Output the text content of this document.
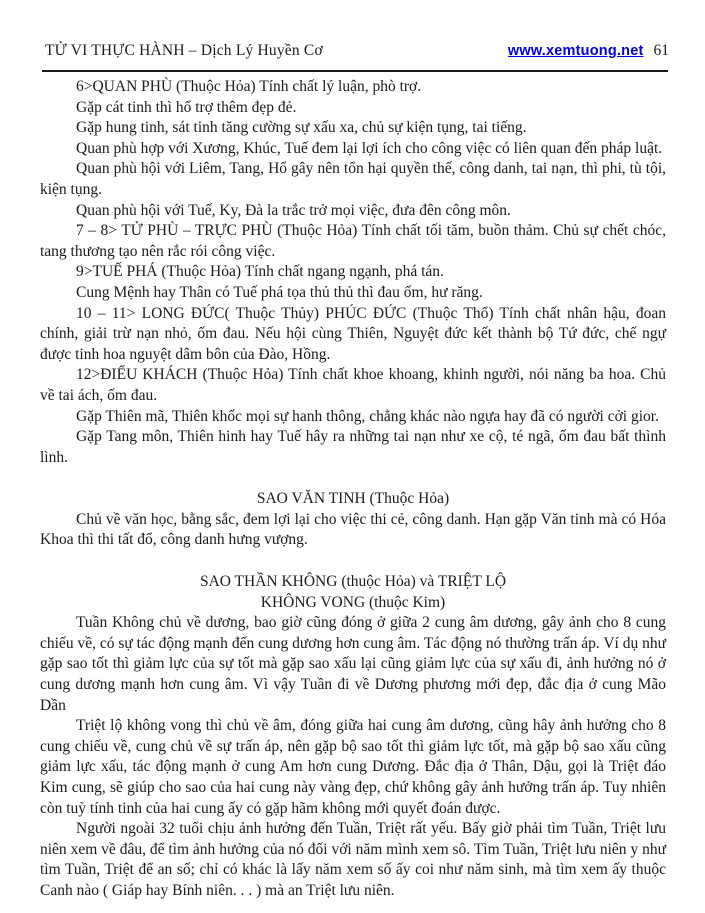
TỬ VI THỰC HÀNH – Dịch Lý Huyền Cơ	www.xemtuong.net 61

6>QUAN PHÙ (Thuộc Hỏa) Tính chất lý luận, phò trợ.

Gặp cát tinh thì hổ trợ thêm đẹp đẻ.

Gặp hung tinh, sát tinh tăng cường sự xấu xa, chủ sự kiện tụng, tai tiếng.

Quan phù hợp với Xương, Khúc, Tuế đem lại lợi ích cho công việc có liên quan đến pháp luật.

Quan phù hội với Liêm, Tang, Hổ gây nên tổn hại quyền thế, công danh, tai nạn, thì phi, tù tội, kiện tụng.

Quan phù hội với Tuế, Ky, Đà la trắc trở mọi việc, đưa đên công môn.

7 – 8> TỬ PHÙ – TRỰC PHÙ (Thuộc Hỏa) Tính chất tối tăm, buồn thảm. Chủ sự chết chóc, tang thương tạo nên rắc rói công việc.

9>TUẾ PHÁ (Thuộc Hỏa) Tính chất ngang ngạnh, phá tán.

Cung Mệnh hay Thân có Tuế phá tọa thủ thủ thì đau ốm, hư răng.

10 – 11> LONG ĐỨC( Thuộc Thủy) PHÚC ĐỨC (Thuộc Thổ) Tính chất nhân hậu, đoan chính, giải trừ nạn nhỏ, ốm đau. Nếu hội cùng Thiên, Nguyệt đức kết thành bộ Tứ đức, chế ngự được tinh hoa nguyệt dâm bôn của Đào, Hồng.

12>ĐIẾU KHÁCH (Thuộc Hỏa) Tính chất khoe khoang, khinh người, nói năng ba hoa. Chủ về tai ách, ốm đau.

Gặp Thiên mã, Thiên khốc mọi sự hanh thông, chẳng khác nào ngựa hay đã có người cởi gior.

Gặp Tang môn, Thiên hinh hay Tuế hây ra những tai nạn như xe cộ, té ngã, ốm đau bất thình lình.

SAO VĂN TINH (Thuộc Hỏa)

Chủ về văn học, bằng sắc, đem lợi lại cho việc thi cẻ, công danh. Hạn gặp Văn tinh mà có Hóa Khoa thì thi tất đổ, công danh hưng vượng.

SAO THẦN KHÔNG (thuộc Hỏa) và TRIỆT LỘ

KHÔNG VONG (thuộc Kim)

Tuần Không chủ về dương, bao giờ cũng đóng ở giữa 2 cung âm dương, gây ảnh cho 8 cung chiếu về, có sự tác động mạnh đến cung dương hơn cung âm. Tác động nó thường trấn áp. Ví dụ như gặp sao tốt thì giảm lực của sự tốt mà gặp sao xấu lại cũng giảm lực của sự xấu đi, ảnh hưởng nó ở cung dương mạnh hơn cung âm. Vì vậy Tuần đi về Dương phương mới đẹp, đắc địa ở cung Mão Dần

Triệt lộ không vong thì chủ về âm, đóng giữa hai cung âm dương, cũng hây ảnh hưởng cho 8 cung chiếu về, cung chủ về sự trấn áp, nên gặp bộ sao tốt thì giảm lực tốt, mà gặp bộ sao xấu cũng giảm lực xấu, tác động mạnh ở cung Am hơn cung Dương. Đắc địa ở Thân, Dậu, gọi là Triệt đáo Kim cung, sẽ giúp cho sao của hai cung này vàng đẹp, chứ không gây ảnh hưởng trấn áp. Tuy nhiên còn tuỳ tính tinh của hai cung ấy có gặp hãm không mới quyết đoán được.

Người ngoài 32 tuổi chịu ảnh hưởng đến Tuần, Triệt rất yếu. Bấy giờ phải tìm Tuần, Triệt lưu niên xem về đâu, để tìm ảnh hưởng của nó đối với năm mình xem sô. Tìm Tuần, Triệt lưu niên y như tìm Tuần, Triệt để an số; chỉ có khác là lấy năm xem số ấy coi như năm sinh, mà tìm xem ấy thuộc Canh nào ( Giáp hay Bính niên. . . ) mà an Triệt lưu niên.
